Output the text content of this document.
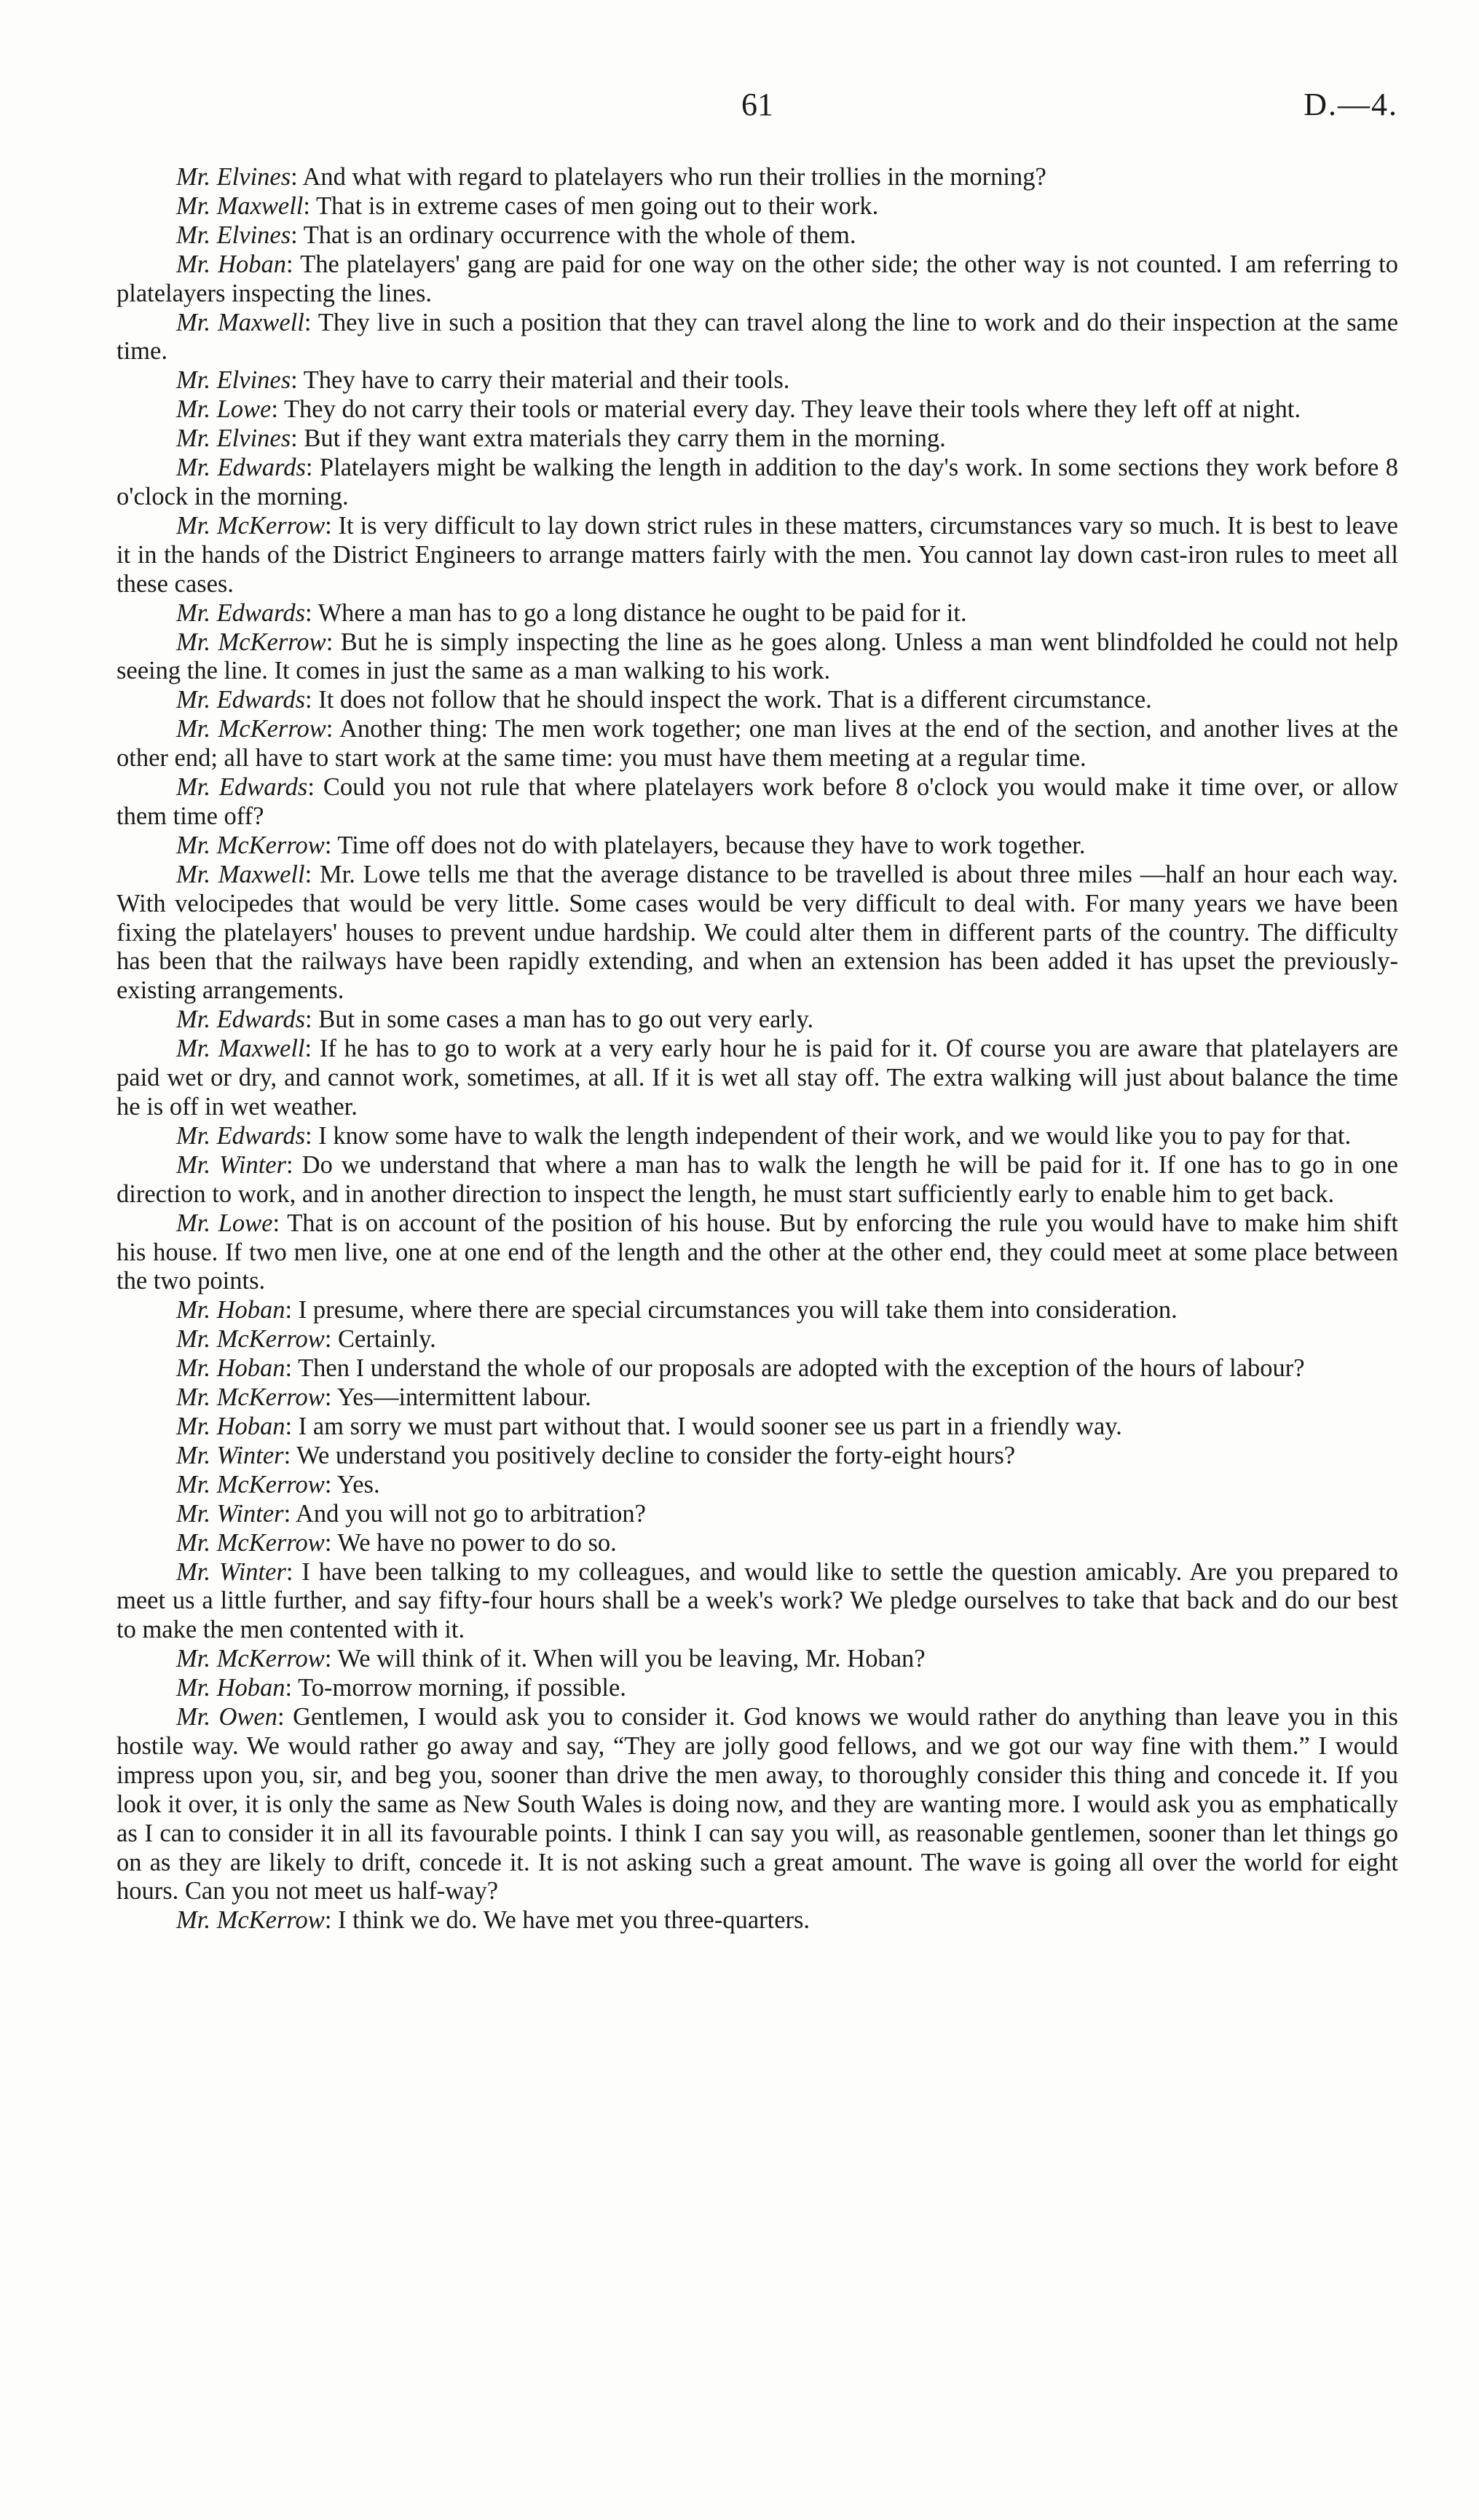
61	D.—4.

Mr. Elvines: And what with regard to platelayers who run their trollies in the morning?

Mr. Maxwell: That is in extreme cases of men going out to their work.

Mr. Elvines: That is an ordinary occurrence with the whole of them.

Mr. Hoban: The platelayers' gang are paid for one way on the other side; the other way is not counted. I am referring to platelayers inspecting the lines.

Mr. Maxwell: They live in such a position that they can travel along the line to work and do their inspection at the same time.

Mr. Elvines: They have to carry their material and their tools.

Mr. Lowe: They do not carry their tools or material every day. They leave their tools where they left off at night.

Mr. Elvines: But if they want extra materials they carry them in the morning.

Mr. Edwards: Platelayers might be walking the length in addition to the day's work. In some sections they work before 8 o'clock in the morning.

Mr. McKerrow: It is very difficult to lay down strict rules in these matters, circumstances vary so much. It is best to leave it in the hands of the District Engineers to arrange matters fairly with the men. You cannot lay down cast-iron rules to meet all these cases.

Mr. Edwards: Where a man has to go a long distance he ought to be paid for it.

Mr. McKerrow: But he is simply inspecting the line as he goes along. Unless a man went blindfolded he could not help seeing the line. It comes in just the same as a man walking to his work.

Mr. Edwards: It does not follow that he should inspect the work. That is a different circumstance.

Mr. McKerrow: Another thing: The men work together; one man lives at the end of the section, and another lives at the other end; all have to start work at the same time: you must have them meeting at a regular time.

Mr. Edwards: Could you not rule that where platelayers work before 8 o'clock you would make it time over, or allow them time off?

Mr. McKerrow: Time off does not do with platelayers, because they have to work together.

Mr. Maxwell: Mr. Lowe tells me that the average distance to be travelled is about three miles —half an hour each way. With velocipedes that would be very little. Some cases would be very difficult to deal with. For many years we have been fixing the platelayers' houses to prevent undue hardship. We could alter them in different parts of the country. The difficulty has been that the railways have been rapidly extending, and when an extension has been added it has upset the previously-existing arrangements.

Mr. Edwards: But in some cases a man has to go out very early.

Mr. Maxwell: If he has to go to work at a very early hour he is paid for it. Of course you are aware that platelayers are paid wet or dry, and cannot work, sometimes, at all. If it is wet all stay off. The extra walking will just about balance the time he is off in wet weather.

Mr. Edwards: I know some have to walk the length independent of their work, and we would like you to pay for that.

Mr. Winter: Do we understand that where a man has to walk the length he will be paid for it. If one has to go in one direction to work, and in another direction to inspect the length, he must start sufficiently early to enable him to get back.

Mr. Lowe: That is on account of the position of his house. But by enforcing the rule you would have to make him shift his house. If two men live, one at one end of the length and the other at the other end, they could meet at some place between the two points.

Mr. Hoban: I presume, where there are special circumstances you will take them into consideration.

Mr. McKerrow: Certainly.

Mr. Hoban: Then I understand the whole of our proposals are adopted with the exception of the hours of labour?

Mr. McKerrow: Yes—intermittent labour.

Mr. Hoban: I am sorry we must part without that. I would sooner see us part in a friendly way.

Mr. Winter: We understand you positively decline to consider the forty-eight hours?

Mr. McKerrow: Yes.

Mr. Winter: And you will not go to arbitration?

Mr. McKerrow: We have no power to do so.

Mr. Winter: I have been talking to my colleagues, and would like to settle the question amicably. Are you prepared to meet us a little further, and say fifty-four hours shall be a week's work? We pledge ourselves to take that back and do our best to make the men contented with it.

Mr. McKerrow: We will think of it. When will you be leaving, Mr. Hoban?

Mr. Hoban: To-morrow morning, if possible.

Mr. Owen: Gentlemen, I would ask you to consider it. God knows we would rather do anything than leave you in this hostile way. We would rather go away and say, “They are jolly good fellows, and we got our way fine with them.” I would impress upon you, sir, and beg you, sooner than drive the men away, to thoroughly consider this thing and concede it. If you look it over, it is only the same as New South Wales is doing now, and they are wanting more. I would ask you as emphatically as I can to consider it in all its favourable points. I think I can say you will, as reasonable gentlemen, sooner than let things go on as they are likely to drift, concede it. It is not asking such a great amount. The wave is going all over the world for eight hours. Can you not meet us half-way?

Mr. McKerrow: I think we do. We have met you three-quarters.
